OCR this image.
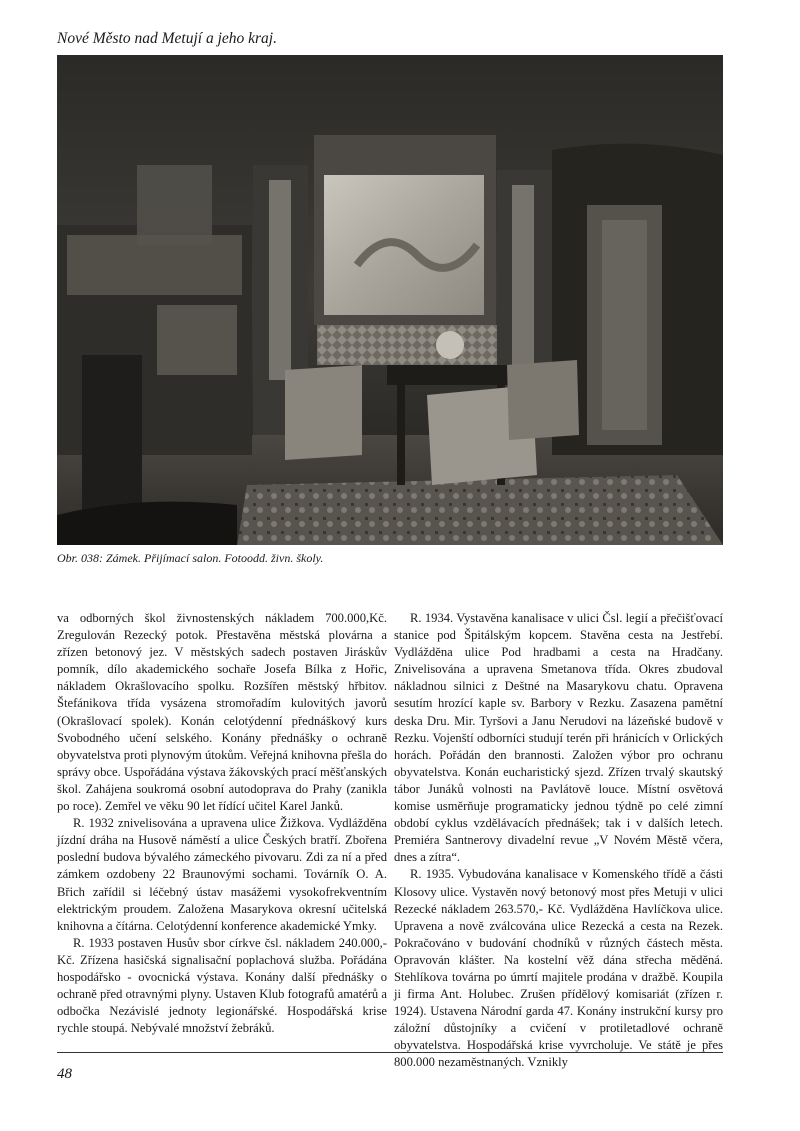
Nové Město nad Metují a jeho kraj.
Obr. 038: Zámek. Přijímací salon. Fotoodd. živn. školy.

va odborných škol živnostenských nákladem 700.000,Kč. Zregulován Rezecký potok. Přestavěna městská plovárna a zřízen betonový jez. V městských sadech postaven Jiráskův pomník, dílo akademického sochaře Josefa Bílka z Hořic, nákladem Okrašlovacího spolku. Rozšířen městský hřbitov. Štefánikova třída vysázena stromořadím kulovitých javorů (Okrašlovací spolek). Konán celotýdenní přednáškový kurs Svobodného učení selského. Konány přednášky o ochraně obyvatelstva proti plynovým útokům. Veřejná knihovna přešla do správy obce. Uspořádána výstava žákovských prací měšťanských škol. Zahájena soukromá osobní autodoprava do Prahy (zanikla po roce). Zemřel ve věku 90 let řídící učitel Karel Janků.

R. 1932 znivelisována a upravena ulice Žižkova. Vydlážděna jízdní dráha na Husově náměstí a ulice Českých bratří. Zbořena poslední budova bývalého zámeckého pivovaru. Zdi za ní a před zámkem ozdobeny 22 Braunovými sochami. Továrník O. A. Břich zařídil si léčebný ústav masážemi vysokofrekventním elektrickým proudem. Založena Masarykova okresní učitelská knihovna a čítárna. Celotýdenní konference akademické Ymky.

R. 1933 postaven Husův sbor církve čsl. nákladem 240.000,- Kč. Zřízena hasičská signalisační poplachová služba. Pořádána hospodářsko - ovocnická výstava. Konány další přednášky o ochraně před otravnými plyny. Ustaven Klub fotografů amatérů a odbočka Nezávislé jednoty legionářské. Hospodářská krise rychle stoupá. Nebývalé množství žebráků.

R. 1934. Vystavěna kanalisace v ulici Čsl. legií a přečišťovací stanice pod Špitálským kopcem. Stavěna cesta na Jestřebí. Vydlážděna ulice Pod hradbami a cesta na Hradčany. Znivelisována a upravena Smetanova třída. Okres zbudoval nákladnou silnici z Deštné na Masarykovu chatu. Opravena sesutím hrozící kaple sv. Barbory v Rezku. Zasazena pamětní deska Dru. Mir. Tyršovi a Janu Nerudovi na lázeňské budově v Rezku. Vojenští odborníci studují terén při hránicích v Orlických horách. Pořádán den brannosti. Založen výbor pro ochranu obyvatelstva. Konán eucharistický sjezd. Zřízen trvalý skautský tábor Junáků volnosti na Pavlátově louce. Místní osvětová komise usměrňuje programaticky jednou týdně po celé zimní období cyklus vzdělávacích přednášek; tak i v dalších letech. Premiéra Santnerovy divadelní revue „V Novém Městě včera, dnes a zítra“.

R. 1935. Vybudována kanalisace v Komenského třídě a části Klosovy ulice. Vystavěn nový betonový most přes Metuji v ulici Rezecké nákladem 263.570,- Kč. Vydlážděna Havlíčkova ulice. Upravena a nově zválcována ulice Rezecká a cesta na Rezek. Pokračováno v budování chodníků v různých částech města. Opravován klášter. Na kostelní věž dána střecha měděná. Stehlíkova továrna po úmrtí majitele prodána v dražbě. Koupila ji firma Ant. Holubec. Zrušen přídělový komisariát (zřízen r. 1924). Ustavena Národní garda 47. Konány instrukční kursy pro záložní důstojníky a cvičení v protiletadlové ochraně obyvatelstva. Hospodářská krise vyvrcholuje. Ve státě je přes 800.000 nezaměstnaných. Vznikly

48
